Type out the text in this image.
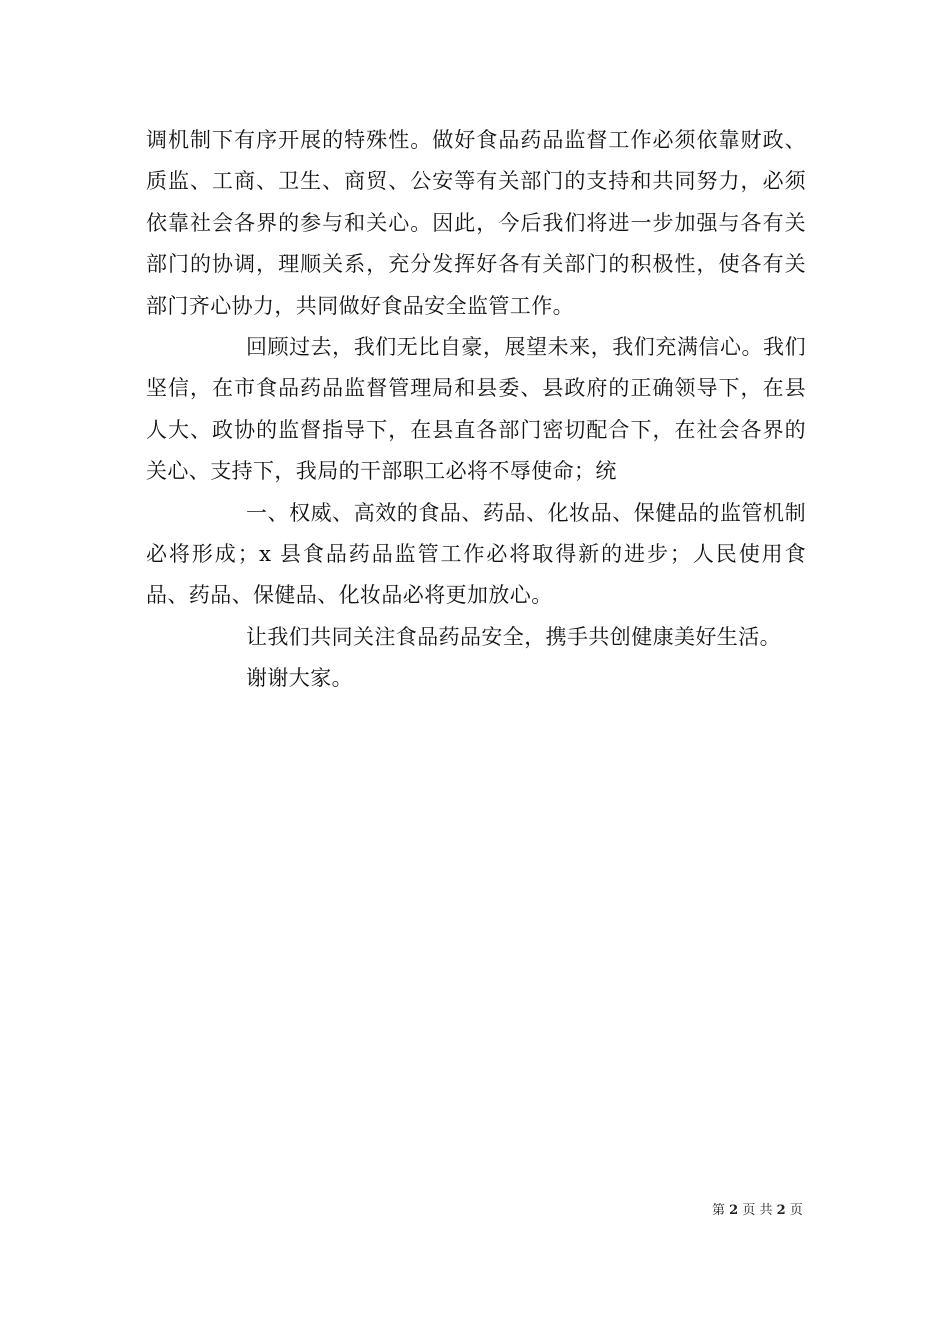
调机制下有序开展的特殊性。做好食品药品监督工作必须依靠财政、质监、工商、卫生、商贸、公安等有关部门的支持和共同努力，必须依靠社会各界的参与和关心。因此，今后我们将进一步加强与各有关部门的协调，理顺关系，充分发挥好各有关部门的积极性，使各有关部门齐心协力，共同做好食品安全监管工作。

回顾过去，我们无比自豪，展望未来，我们充满信心。我们坚信，在市食品药品监督管理局和县委、县政府的正确领导下，在县人大、政协的监督指导下，在县直各部门密切配合下，在社会各界的关心、支持下，我局的干部职工必将不辱使命；统

一、权威、高效的食品、药品、化妆品、保健品的监管机制必将形成；x 县食品药品监管工作必将取得新的进步；人民使用食品、药品、保健品、化妆品必将更加放心。

让我们共同关注食品药品安全，携手共创健康美好生活。

谢谢大家。

第 2 页 共 2 页
